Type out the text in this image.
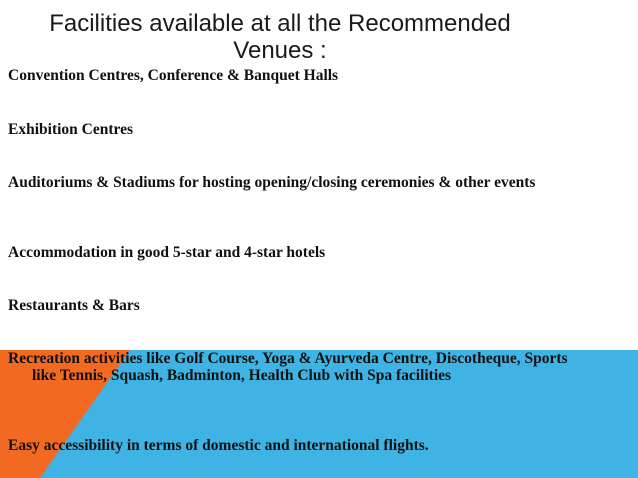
Facilities available at all the Recommended Venues :
Convention Centres, Conference & Banquet Halls
Exhibition Centres
Auditoriums & Stadiums for hosting opening/closing ceremonies & other events
Accommodation in good 5-star and 4-star hotels
Restaurants & Bars
Recreation activities like Golf Course, Yoga & Ayurveda Centre, Discotheque, Sports like Tennis, Squash, Badminton, Health Club with Spa facilities
Easy accessibility in terms of domestic and international flights.
